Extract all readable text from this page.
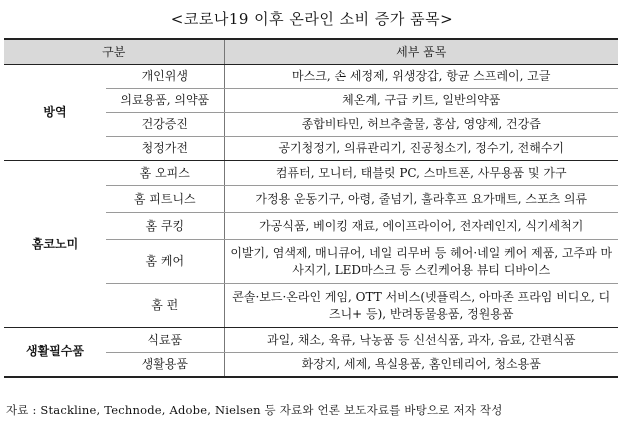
<코로나19 이후 온라인 소비 증가 품목>
구분		세부 품목
방역	개인위생	마스크, 손 세정제, 위생장갑, 항균 스프레이, 고글
	의료용품, 의약품	체온계, 구급 키트, 일반의약품
	건강증진	종합비타민, 허브추출물, 홍삼, 영양제, 건강즙
	청정가전	공기청정기, 의류관리기, 진공청소기, 정수기, 전해수기
홈코노미	홈 오피스	컴퓨터, 모니터, 태블릿 PC, 스마트폰, 사무용품 및 가구
	홈 피트니스	가정용 운동기구, 아령, 줄넘기, 훌라후프 요가매트, 스포츠 의류
	홈 쿠킹	가공식품, 베이킹 재료, 에이프라이어, 전자레인지, 식기세척기
	홈 케어	이발기, 염색제, 매니큐어, 네일 리무버 등 헤어·네일 케어 제품, 고주파 마사지기, LED마스크 등 스킨케어용 뷰티 디바이스
	홈 펀	콘솔·보드·온라인 게임, OTT 서비스(넷플릭스, 아마존 프라임 비디오, 디즈니+ 등), 반려동물용품, 정원용품
생활필수품	식료품	과일, 채소, 육류, 낙농품 등 신선식품, 과자, 음료, 간편식품
	생활용품	화장지, 세제, 욕실용품, 홈인테리어, 청소용품
자료 : Stackline, Technode, Adobe, Nielsen 등 자료와 언론 보도자료를 바탕으로 저자 작성
